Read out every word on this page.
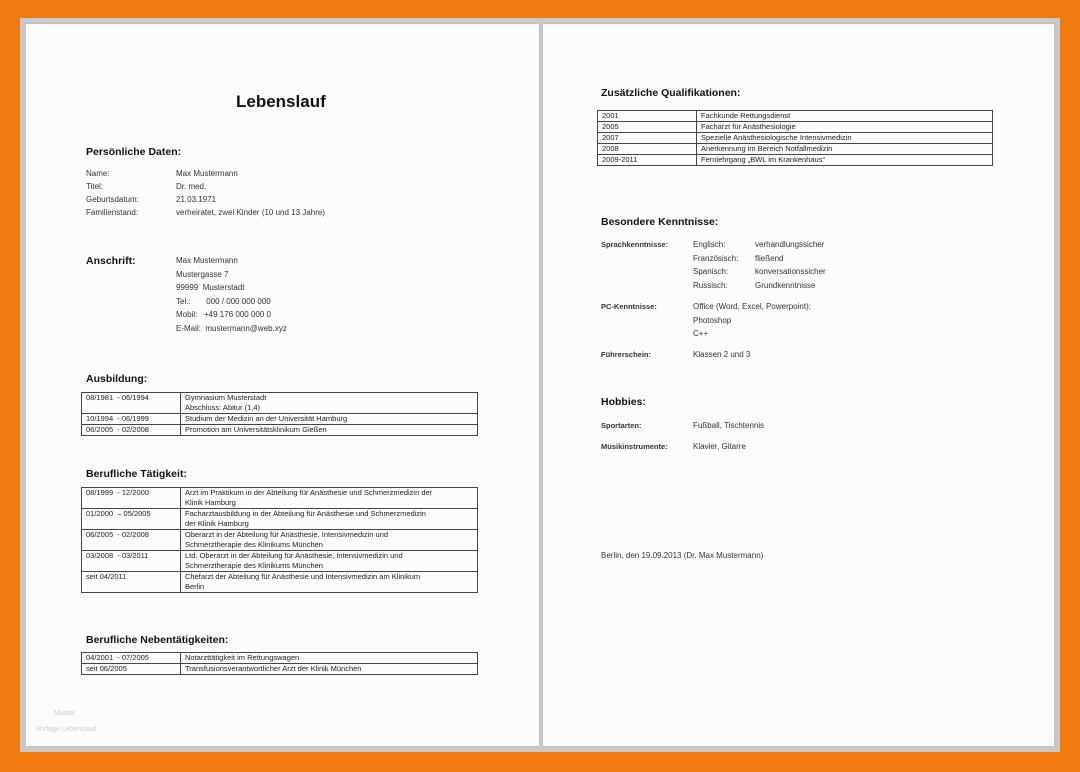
Lebenslauf
Persönliche Daten:
Name:	Max Mustermann
Titel:	Dr. med.
Geburtsdatum:	21.03.1971
Familienstand:	verheiratet, zwei Kinder (10 und 13 Jahre)
Anschrift:	Max Mustermann
Mustergasse 7
99999  Musterstadt
Tel.:       000 / 000 000 000
Mobil:   +49 176 000 000 0
E-Mail:  mustermann@web.xyz
Ausbildung:
08/1981  - 06/1994	Gymnasium Musterstadt
Abschluss: Abitur (1,4)

10/1994  - 06/1999	Studium der Medizin an der Universität Hamburg

06/2005  - 02/2008	Promotion am Universitätsklinikum Gießen
Berufliche Tätigkeit:
08/1999  - 12/2000	Arzt im Praktikum in der Abteilung für Anästhesie und Schmerzmedizin der
Klinik Hamburg

01/2000  – 05/2005	Facharztausbildung in der Abteilung für Anästhesie und Schmerzmedizin
der Klinik Hamburg

06/2005  - 02/2008	Oberarzt in der Abteilung für Anästhesie, Intensivmedizin und
Schmerztherapie des Klinikums München

03/2008  - 03/2011	Ltd. Oberarzt in der Abteilung für Anästhesie, Intensivmedizin und
Schmerztherapie des Klinikums München

seit 04/2011	Chefarzt der Abteilung für Anästhesie und Intensivmedizin am Klinikum
Berlin
Berufliche Nebentätigkeiten:
04/2001  - 07/2005	Notarzttätigkeit im Rettungswagen

seit 06/2005	Transfusionsverantwortlicher Arzt der Klinik München
Muster
Vorlage Lebenslauf
Zusätzliche Qualifikationen:
2001	Fachkunde Rettungsdienst

2005	Facharzt für Anästhesiologie

2007	Spezielle Anästhesiologische Intensivmedizin

2008	Anerkennung im Bereich Notfallmedizin

2009-2011	Fernlehrgang „BWL im Krankenhaus“
Besondere Kenntnisse:
Sprachkenntnisse:	Englisch:	verhandlungssicher
Französisch: fließend
Spanisch:	konversationssicher
Russisch:	Grundkenntnisse
PC-Kenntnisse:	Office (Word, Excel, Powerpoint):
Photoshop
C++
Führerschein:	Klassen 2 und 3
Hobbies:
Sportarten:	Fußball, Tischtennis
Musikinstrumente:	Klavier, Gitarre
Berlin, den 19.09.2013 (Dr. Max Mustermann)
